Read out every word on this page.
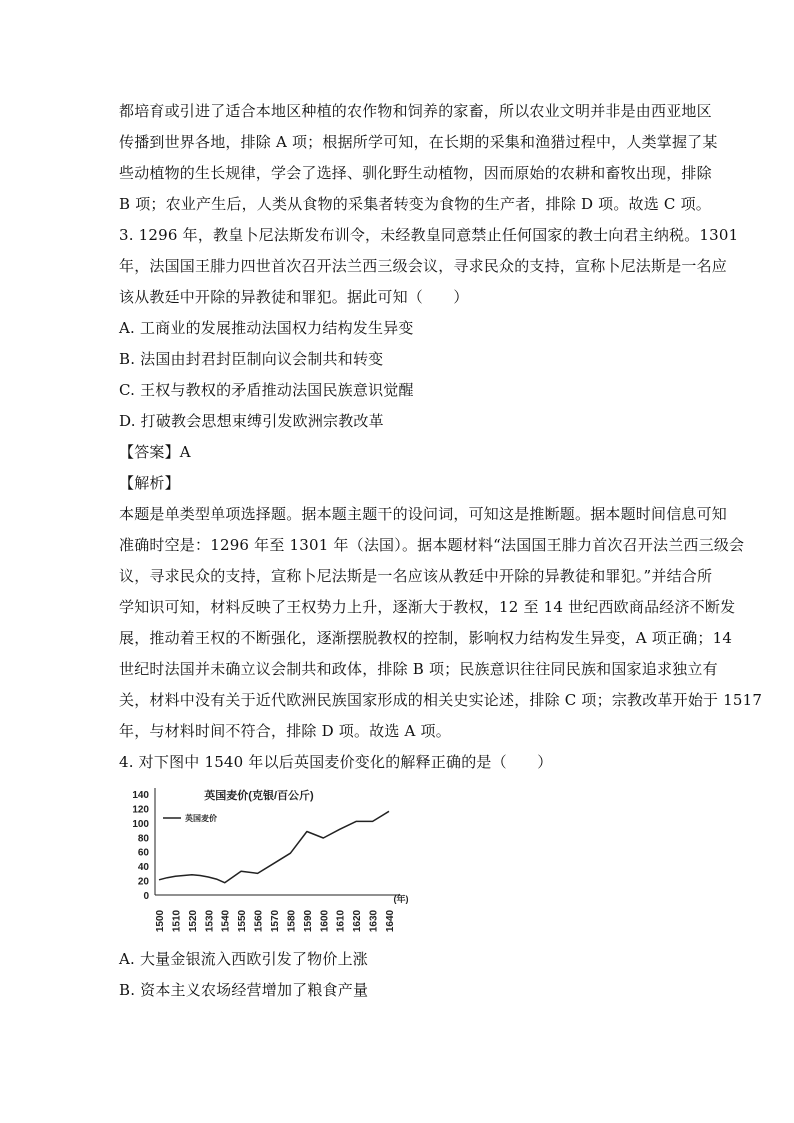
都培育或引进了适合本地区种植的农作物和饲养的家畜，所以农业文明并非是由西亚地区
传播到世界各地，排除 A 项；根据所学可知，在长期的采集和渔猎过程中，人类掌握了某
些动植物的生长规律，学会了选择、驯化野生动植物，因而原始的农耕和畜牧出现，排除
B 项；农业产生后，人类从食物的采集者转变为食物的生产者，排除 D 项。故选 C 项。
3. 1296 年，教皇卜尼法斯发布训令，未经教皇同意禁止任何国家的教士向君主纳税。1301
年，法国国王腓力四世首次召开法兰西三级会议，寻求民众的支持，宣称卜尼法斯是一名应
该从教廷中开除的异教徒和罪犯。据此可知（　　）
A. 工商业的发展推动法国权力结构发生异变
B. 法国由封君封臣制向议会制共和转变
C. 王权与教权的矛盾推动法国民族意识觉醒
D. 打破教会思想束缚引发欧洲宗教改革
【答案】A
【解析】
本题是单类型单项选择题。据本题主题干的设问词，可知这是推断题。据本题时间信息可知
准确时空是：1296 年至 1301 年（法国）。据本题材料“法国国王腓力首次召开法兰西三级会
议，寻求民众的支持，宣称卜尼法斯是一名应该从教廷中开除的异教徒和罪犯。”并结合所
学知识可知，材料反映了王权势力上升，逐渐大于教权，12 至 14 世纪西欧商品经济不断发
展，推动着王权的不断强化，逐渐摆脱教权的控制，影响权力结构发生异变，A 项正确；14
世纪时法国并未确立议会制共和政体，排除 B 项；民族意识往往同民族和国家追求独立有
关，材料中没有关于近代欧洲民族国家形成的相关史实论述，排除 C 项；宗教改革开始于 1517
年，与材料时间不符合，排除 D 项。故选 A 项。
4. 对下图中 1540 年以后英国麦价变化的解释正确的是（　　）
140
120
100
80
60
40
20
0
1500 1510 1520 1530 1540 1550 1560 1570 1580 1590 1600 1610 1620 1630 1640
(年)
英国麦价(克银/百公斤)
英国麦价
A. 大量金银流入西欧引发了物价上涨
B. 资本主义农场经营增加了粮食产量
